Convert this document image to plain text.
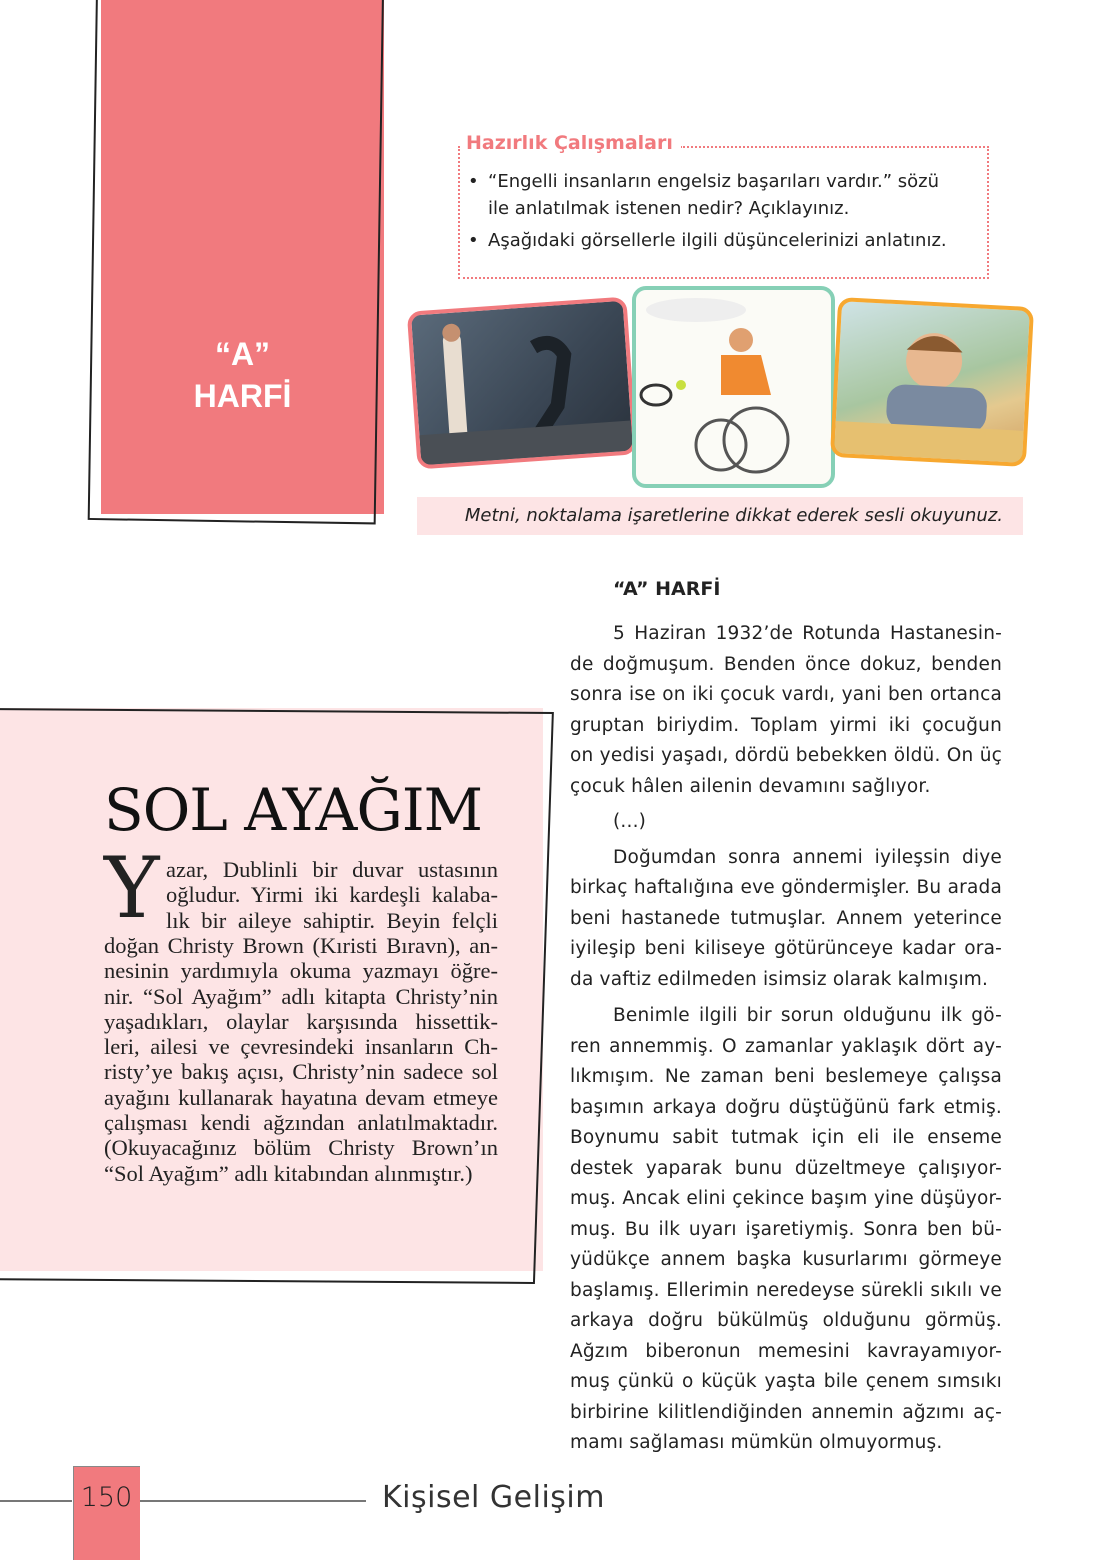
“A”
HARFİ
Hazırlık Çalışmaları
• “Engelli insanların engelsiz başarıları vardır.” sözü
ile anlatılmak istenen nedir? Açıklayınız.
• Aşağıdaki görsellerle ilgili düşüncelerinizi anlatınız.
Metni, noktalama işaretlerine dikkat ederek sesli okuyunuz.
SOL AYAĞIM
Y azar, Dublinli bir duvar ustasının
oğludur. Yirmi iki kardeşli kalaba-
lık bir aileye sahiptir. Beyin felçli
doğan Christy Brown (Kıristi Bıravn), an-
nesinin yardımıyla okuma yazmayı öğre-
nir. “Sol Ayağım” adlı kitapta Christy’nin
yaşadıkları, olaylar karşısında hissettik-
leri, ailesi ve çevresindeki insanların Ch-
risty’ye bakış açısı, Christy’nin sadece sol
ayağını kullanarak hayatına devam etmeye
çalışması kendi ağzından anlatılmaktadır.
(Okuyacağınız bölüm Christy Brown’ın
“Sol Ayağım” adlı kitabından alınmıştır.)
“A” HARFİ
5 Haziran 1932’de Rotunda Hastanesin-
de doğmuşum. Benden önce dokuz, benden
sonra ise on iki çocuk vardı, yani ben ortanca
gruptan biriydim. Toplam yirmi iki çocuğun
on yedisi yaşadı, dördü bebekken öldü. On üç
çocuk hâlen ailenin devamını sağlıyor.
(...)
Doğumdan sonra annemi iyileşsin diye
birkaç haftalığına eve göndermişler. Bu arada
beni hastanede tutmuşlar. Annem yeterince
iyileşip beni kiliseye götürünceye kadar ora-
da vaftiz edilmeden isimsiz olarak kalmışım.
Benimle ilgili bir sorun olduğunu ilk gö-
ren annemmiş. O zamanlar yaklaşık dört ay-
lıkmışım. Ne zaman beni beslemeye çalışsa
başımın arkaya doğru düştüğünü fark etmiş.
Boynumu sabit tutmak için eli ile enseme
destek yaparak bunu düzeltmeye çalışıyor-
muş. Ancak elini çekince başım yine düşüyor-
muş. Bu ilk uyarı işaretiymiş. Sonra ben bü-
yüdükçe annem başka kusurlarımı görmeye
başlamış. Ellerimin neredeyse sürekli sıkılı ve
arkaya doğru bükülmüş olduğunu görmüş.
Ağzım biberonun memesini kavrayamıyor-
muş çünkü o küçük yaşta bile çenem sımsıkı
birbirine kilitlendiğinden annemin ağzımı aç-
mamı sağlaması mümkün olmuyormuş.
150	Kişisel Gelişim
